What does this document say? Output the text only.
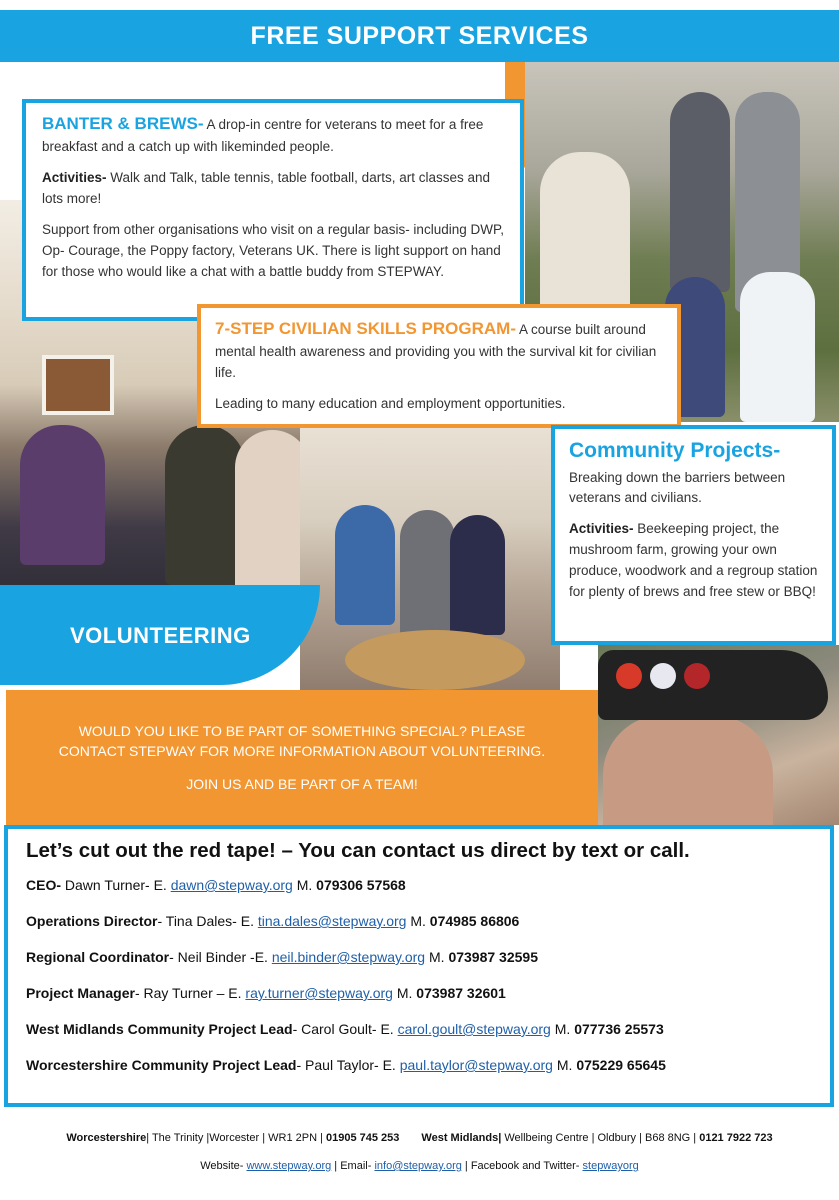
FREE SUPPORT SERVICES
VOLUNTEERING

BANTER & BREWS- A drop-in centre for veterans to meet for a free breakfast and a catch up with likeminded people.

Activities- Walk and Talk, table tennis, table football, darts, art classes and lots more!

Support from other organisations who visit on a regular basis- including DWP, Op- Courage, the Poppy factory, Veterans UK. There is light support on hand for those who would like a chat with a battle buddy from STEPWAY.

7-STEP CIVILIAN SKILLS PROGRAM- A course built around mental health awareness and providing you with the survival kit for civilian life.

Leading to many education and employment opportunities.

Community Projects-

Breaking down the barriers between veterans and civilians.

Activities- Beekeeping project, the mushroom farm, growing your own produce, woodwork and a regroup station for plenty of brews and free stew or BBQ!

WOULD YOU LIKE TO BE PART OF SOMETHING SPECIAL? PLEASE
CONTACT STEPWAY FOR MORE INFORMATION ABOUT VOLUNTEERING.
JOIN US AND BE PART OF A TEAM!
Let’s cut out the red tape! – You can contact us direct by text or call.
CEO- Dawn Turner- E. dawn@stepway.org M. 079306 57568
Operations Director- Tina Dales- E. tina.dales@stepway.org M. 074985 86806
Regional Coordinator- Neil Binder -E. neil.binder@stepway.org M. 073987 32595
Project Manager- Ray Turner – E. ray.turner@stepway.org M. 073987 32601
West Midlands Community Project Lead- Carol Goult- E. carol.goult@stepway.org M. 077736 25573
Worcestershire Community Project Lead- Paul Taylor- E. paul.taylor@stepway.org M. 075229 65645
Worcestershire| The Trinity |Worcester | WR1 2PN | 01905 745 253 West Midlands| Wellbeing Centre | Oldbury | B68 8NG | 0121 7922 723
Website- www.stepway.org | Email- info@stepway.org | Facebook and Twitter- stepwayorg
